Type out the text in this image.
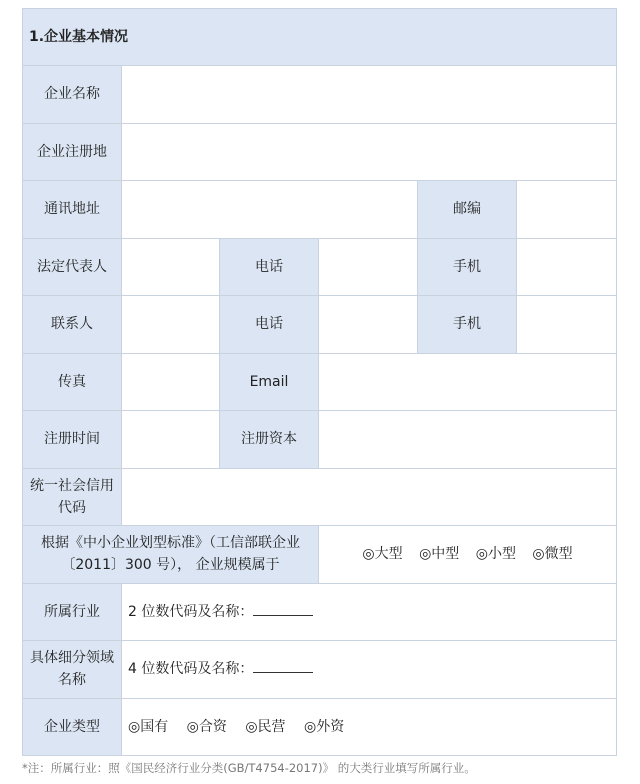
1.企业基本情况					
企业名称					
企业注册地					
通讯地址				邮编	
法定代表人		电话		手机	
联系人		电话		手机	
传真		Email			
注册时间		注册资本			
统一社会信用代码					
根据《中小企业划型标准》（工信部联企业〔2011〕300 号）， 企业规模属于			◎大型 ◎中型 ◎小型 ◎微型		
所属行业	2 位数代码及名称：				
具体细分领域名称	4 位数代码及名称：				
企业类型	◎国有 ◎合资 ◎民营 ◎外资				
*注：所属行业：照《国民经济行业分类(GB/T4754-2017)》 的大类行业填写所属行业。
